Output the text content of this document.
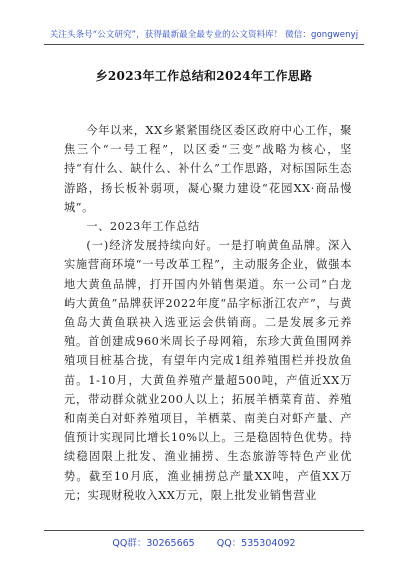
关注头条号“公文研究”，获得最新最全最专业的公文资料库！ 微信：gongwenyj
乡2023年工作总结和2024年工作思路

今年以来，XX乡紧紧围绕区委区政府中心工作，聚焦三个“一号工程”，以区委“三变”战略为核心，坚持“有什么、缺什么、补什么”工作思路，对标国际生态游路，扬长板补弱项，凝心聚力建设“花园XX·商品慢城”。

一、2023年工作总结

(一)经济发展持续向好。一是打响黄鱼品牌。深入实施营商环境“一号改革工程”，主动服务企业，做强本地大黄鱼品牌，打开国内外销售渠道。东一公司“白龙屿大黄鱼”品牌获评2022年度“品字标浙江农产”，与黄鱼岛大黄鱼联袂入选亚运会供销商。二是发展多元养殖。首创建成960米周长子母网箱，东珍大黄鱼围网养殖项目桩基合拢，有望年内完成1组养殖围栏并投放鱼苗。1-10月，大黄鱼养殖产量超500吨，产值近XX万元，带动群众就业200人以上；拓展羊栖菜育苗、养殖和南美白对虾养殖项目，羊栖菜、南美白对虾产量、产值预计实现同比增长10%以上。三是稳固特色优势。持续稳固限上批发、渔业捕捞、生态旅游等特色产业优势。截至10月底，渔业捕捞总产量XX吨，产值XX万元；实现财税收入XX万元，限上批发业销售营业

QQ群：30265665 QQ：535304092
